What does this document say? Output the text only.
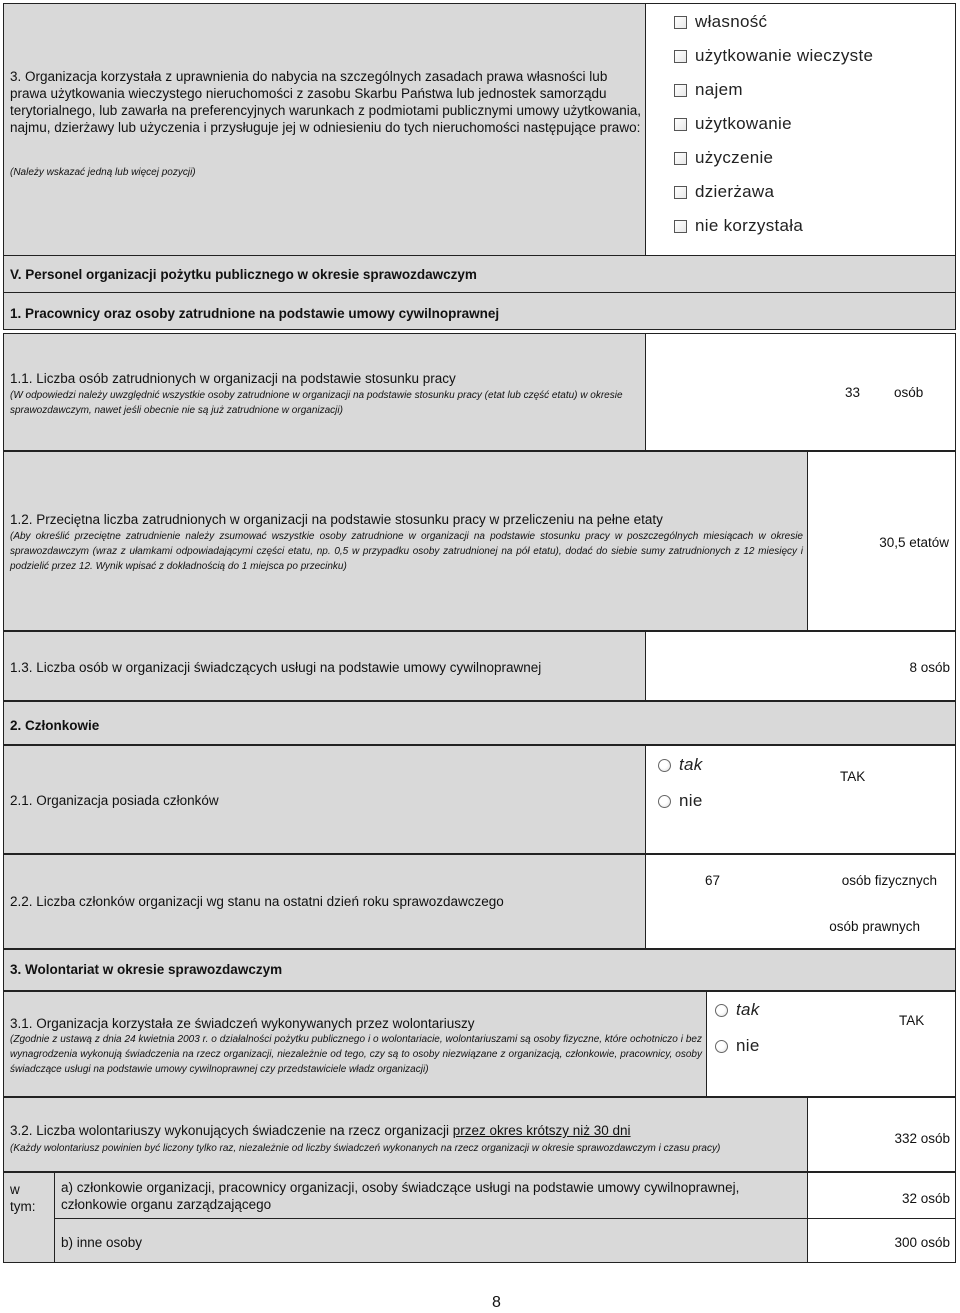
3. Organizacja korzystała z uprawnienia do nabycia na szczególnych zasadach prawa własności lub prawa użytkowania wieczystego nieruchomości z zasobu Skarbu Państwa lub jednostek samorządu terytorialnego, lub zawarła na preferencyjnych warunkach z podmiotami publicznymi umowy użytkowania, najmu, dzierżawy lub użyczenia i przysługuje jej w odniesieniu do tych nieruchomości następujące prawo:
(Należy wskazać jedną lub więcej pozycji)
własność
użytkowanie wieczyste
najem
użytkowanie
użyczenie
dzierżawa
nie korzystała
V. Personel organizacji pożytku publicznego w okresie sprawozdawczym
1. Pracownicy oraz osoby zatrudnione na podstawie umowy cywilnoprawnej
1.1. Liczba osób zatrudnionych w organizacji na podstawie stosunku pracy
(W odpowiedzi należy uwzględnić wszystkie osoby zatrudnione w organizacji na podstawie stosunku pracy (etat lub część etatu) w okresie sprawozdawczym, nawet jeśli obecnie nie są już zatrudnione w organizacji)
33	osób
1.2. Przeciętna liczba zatrudnionych w organizacji na podstawie stosunku pracy w przeliczeniu na pełne etaty
(Aby określić przeciętne zatrudnienie należy zsumować wszystkie osoby zatrudnione w organizacji na podstawie stosunku pracy w poszczególnych miesiącach w okresie sprawozdawczym (wraz z ułamkami odpowiadającymi części etatu, np. 0,5 w przypadku osoby zatrudnionej na pół etatu), dodać do siebie sumy zatrudnionych z 12 miesięcy i podzielić przez 12. Wynik wpisać z dokładnością do 1 miejsca po przecinku)
30,5 etatów
1.3. Liczba osób w organizacji świadczących usługi na podstawie umowy cywilnoprawnej	8 osób
2. Członkowie
2.1. Organizacja posiada członków
tak
nie
TAK
2.2. Liczba członków organizacji wg stanu na ostatni dzień roku sprawozdawczego
67	osób fizycznych
osób prawnych
3. Wolontariat w okresie sprawozdawczym
3.1. Organizacja korzystała ze świadczeń wykonywanych przez wolontariuszy
(Zgodnie z ustawą z dnia 24 kwietnia 2003 r. o działalności pożytku publicznego i o wolontariacie, wolontariuszami są osoby fizyczne, które ochotniczo i bez wynagrodzenia wykonują świadczenia na rzecz organizacji, niezależnie od tego, czy są to osoby niezwiązane z organizacją, członkowie, pracownicy, osoby świadczące usługi na podstawie umowy cywilnoprawnej czy przedstawiciele władz organizacji)
tak
nie
TAK
3.2. Liczba wolontariuszy wykonujących świadczenie na rzecz organizacji przez okres krótszy niż 30 dni
(Każdy wolontariusz powinien być liczony tylko raz, niezależnie od liczby świadczeń wykonanych na rzecz organizacji w okresie sprawozdawczym i czasu pracy)
332 osób
w tym:
a) członkowie organizacji, pracownicy organizacji, osoby świadczące usługi na podstawie umowy cywilnoprawnej, członkowie organu zarządzającego	32 osób
b) inne osoby	300 osób
8
